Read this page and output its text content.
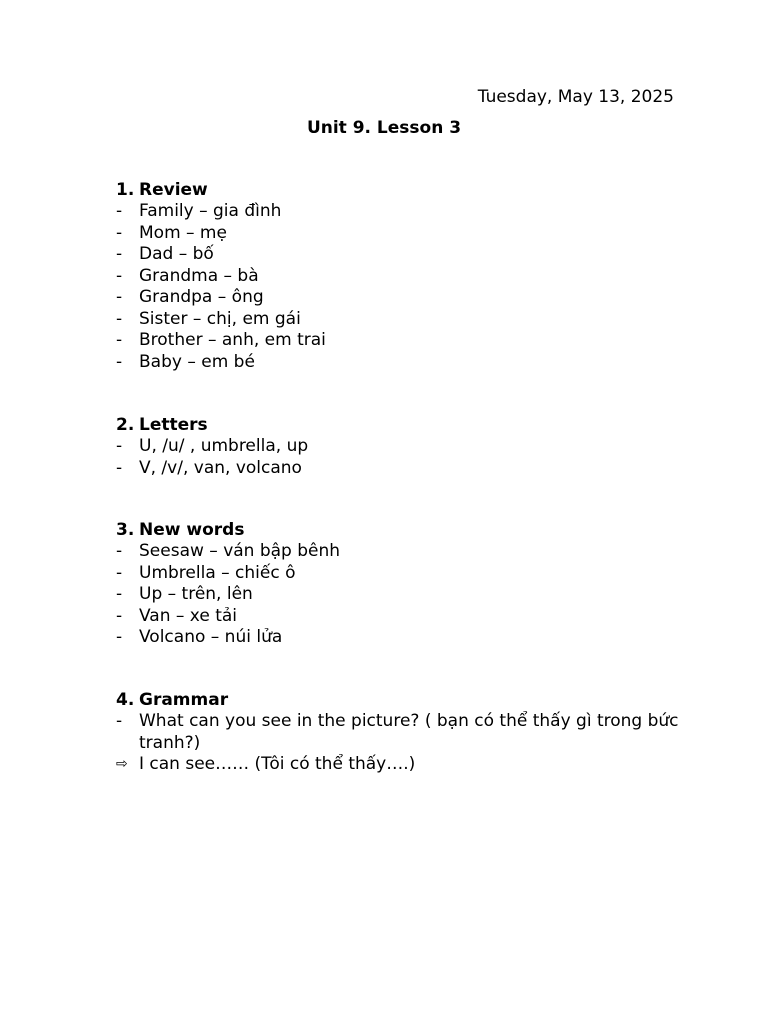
Tuesday, May 13, 2025
Unit 9. Lesson 3
1. Review
- Family – gia đình
- Mom – mẹ
- Dad – bố
- Grandma – bà
- Grandpa – ông
- Sister – chị, em gái
- Brother – anh, em trai
- Baby – em bé
2. Letters
- U, /u/ , umbrella, up
- V, /v/, van, volcano
3. New words
- Seesaw – ván bập bênh
- Umbrella – chiếc ô
- Up – trên, lên
- Van – xe tải
- Volcano – núi lửa
4. Grammar
- What can you see in the picture? ( bạn có thể thấy gì trong bức tranh?)
⇨ I can see…… (Tôi có thể thấy….)
